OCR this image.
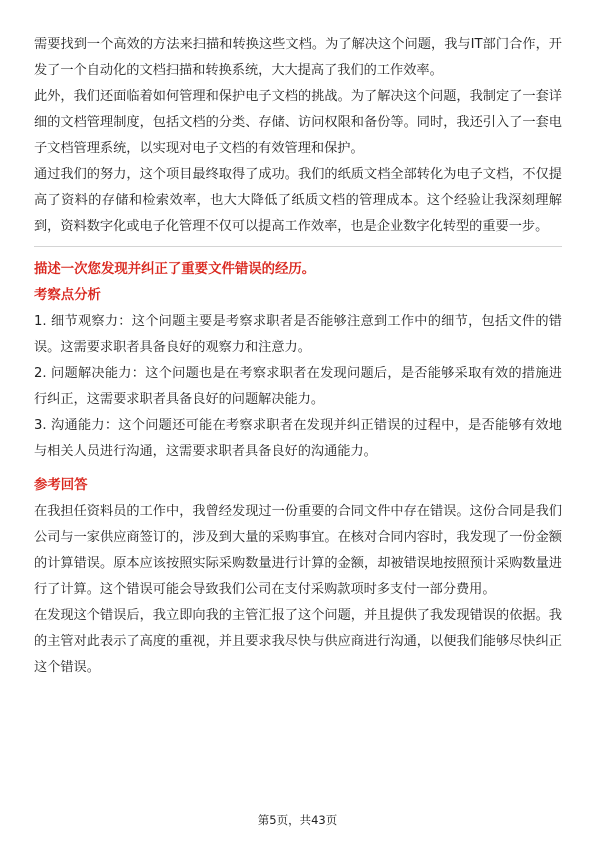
需要找到一个高效的方法来扫描和转换这些文档。为了解决这个问题，我与IT部门合作，开发了一个自动化的文档扫描和转换系统，大大提高了我们的工作效率。

此外，我们还面临着如何管理和保护电子文档的挑战。为了解决这个问题，我制定了一套详细的文档管理制度，包括文档的分类、存储、访问权限和备份等。同时，我还引入了一套电子文档管理系统，以实现对电子文档的有效管理和保护。

通过我们的努力，这个项目最终取得了成功。我们的纸质文档全部转化为电子文档，不仅提高了资料的存储和检索效率，也大大降低了纸质文档的管理成本。这个经验让我深刻理解到，资料数字化或电子化管理不仅可以提高工作效率，也是企业数字化转型的重要一步。

描述一次您发现并纠正了重要文件错误的经历。

考察点分析

1. 细节观察力：这个问题主要是考察求职者是否能够注意到工作中的细节，包括文件的错误。这需要求职者具备良好的观察力和注意力。

2. 问题解决能力：这个问题也是在考察求职者在发现问题后，是否能够采取有效的措施进行纠正，这需要求职者具备良好的问题解决能力。

3. 沟通能力：这个问题还可能在考察求职者在发现并纠正错误的过程中，是否能够有效地与相关人员进行沟通，这需要求职者具备良好的沟通能力。

参考回答

在我担任资料员的工作中，我曾经发现过一份重要的合同文件中存在错误。这份合同是我们公司与一家供应商签订的，涉及到大量的采购事宜。在核对合同内容时，我发现了一份金额的计算错误。原本应该按照实际采购数量进行计算的金额，却被错误地按照预计采购数量进行了计算。这个错误可能会导致我们公司在支付采购款项时多支付一部分费用。

在发现这个错误后，我立即向我的主管汇报了这个问题，并且提供了我发现错误的依据。我的主管对此表示了高度的重视，并且要求我尽快与供应商进行沟通，以便我们能够尽快纠正这个错误。

第5页，共43页
